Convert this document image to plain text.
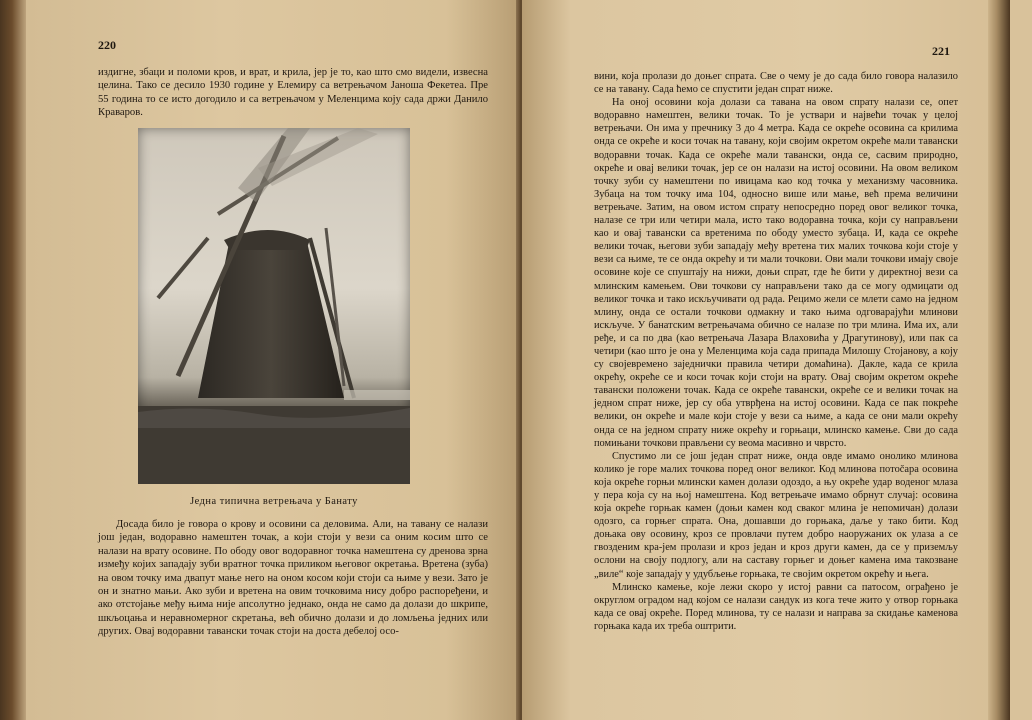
220

издигне, збаци и поломи кров, и врат, и крила, јер је то, као што смо видели, извесна целина. Тако се десило 1930 године у Елемиру са ветрењачом Јаноша Фекетеа. Пре 55 година то се исто догодило и са ветрењачом у Меленцима коју сада држи Данило Краваров.

Једна типична ветрењача у Банату

Досада било је говора о крову и осовини са деловима. Али, на тавану се налази још један, водоравно намештен точак, а који стоји у вези са оним косим што се налази на врату осовине. По ободу овог водоравног точка намештена су дренова зрна између којих западају зуби вратног точка приликом његовог окретања. Вретена (зуба) на овом точку има двапут мање него на оном косом који стоји са њиме у вези. Зато је он и знатно мањи. Ако зуби и вретена на овим точковима нису добро распоређени, и ако отстојање међу њима није апсолутно једнако, онда не само да долази до шкрипе, шкљоцања и неравномерног скретања, већ обично долази и до ломљења једних или других. Овај водоравни тавански точак стоји на доста дебелој осо-

221

вини, која пролази до доњег спрата. Све о чему је до сада било говора налазило се на тавану. Сада ћемо се спустити један спрат ниже.

На оној осовини која долази са тавана на овом спрату налази се, опет водоравно намештен, велики точак. То је уствари и највећи точак у целој ветрењачи. Он има у пречнику 3 до 4 метра. Када се окреће осовина са крилима онда се окреће и коси точак на тавану, који својим окретом окреће мали тавански водоравни точак. Када се окреће мали тавански, онда се, сасвим природно, окреће и овај велики точак, јер се он налази на истој осовини. На овом великом точку зуби су намештени по ивицама као код точка у механизму часовника. Зубаца на том точку има 104, односно више или мање, већ према величини ветрењаче. Затим, на овом истом спрату непосредно поред овог великог точка, налазе се три или четири мала, исто тако водоравна точка, који су направљени као и овај тавански са вретенима по ободу уместо зубаца. И, када се окреће велики точак, његови зуби западају међу вретена тих малих точкова који стоје у вези са њиме, те се онда окрећу и ти мали точкови. Ови мали точкови имају своје осовине које се спуштају на нижи, доњи спрат, где ће бити у директној вези са млинским камењем. Ови точкови су направљени тако да се могу одмицати од великог точка и тако искључивати од рада. Рецимо жели се млети само на једном млину, онда се остали точкови одмакну и тако њима одговарајући млинови искључе. У банатским ветрењачама обично се налазе по три млина. Има их, али ређе, и са по два (као ветрењача Лазара Влаховића у Драгутинову), или пак са четири (као што је она у Меленцима која сада припада Милошу Стојанову, а коју су својевремено заједнички правила четири домаћина). Дакле, када се крила окрећу, окреће се и коси точак који стоји на врату. Овај својим окретом окреће тавански положени точак. Када се окреће тавански, окреће се и велики точак на једном спрат ниже, јер су оба утврђена на истој осовини. Када се пак покреће велики, он окреће и мале који стоје у вези са њиме, а када се они мали окрећу онда се на једном спрату ниже окрећу и горњаци, млинско камење. Сви до сада помињани точкови прављени су веома масивно и чврсто.

Спустимо ли се још један спрат ниже, онда овде имамо онолико млинова колико је горе малих точкова поред оног великог. Код млинова потočара осовина која окреће горњи млински камен долази одоздо, а њу окреће удар воденог млаза у пера која су на њој намештена. Код ветрењаче имамо обрнут случај: осовина која окреће горњак камен (доњи камен код сваког млина је непомичан) долази одозго, са горњег спрата. Она, дошавши до горњака, даље у тако бити. Код доњака ову осовину, кроз се провлачи путем добро наоружаних ок улаза а се гвозденим кра-јем пролази и кроз један и кроз други камен, да се у приземљу ослони на своју подлогу, али на саставу горњег и доњег камена има такозване „виле“ које западају у удубљење горњака, те својим окретом окрећу и њега.

Млинско камење, које лежи скоро у истој равни са патосом, ограђено је округлом оградом над којом се налази сандук из кога тече жито у отвор горњака када се овај окреће. Поред млинова, ту се налази и направа за скидање каменова горњака када их треба оштрити.
